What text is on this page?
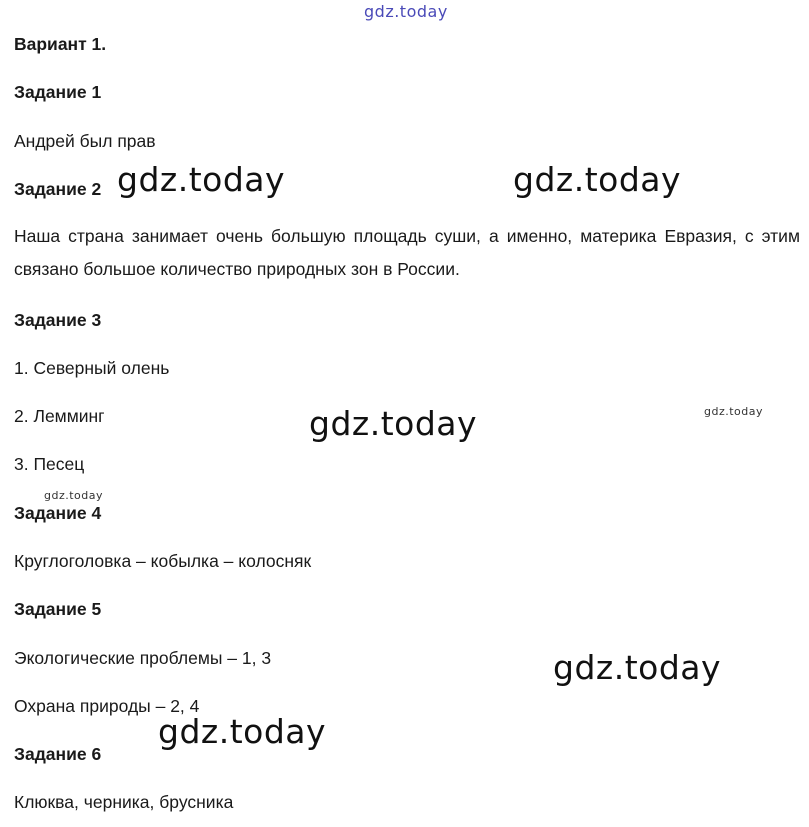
gdz.today
Вариант 1.
Задание 1
Андрей был прав
Задание 2
Наша страна занимает очень большую площадь суши, а именно, материка Евразия, с этим связано большое количество природных зон в России.
Задание 3
1. Северный олень
2. Лемминг
3. Песец
Задание 4
Круглоголовка – кобылка – колосняк
Задание 5
Экологические проблемы – 1, 3
Охрана природы – 2, 4
Задание 6
Клюква, черника, брусника
gdz.today	gdz.today
gdz.today	gdz.today
gdz.today
gdz.today
gdz.today
